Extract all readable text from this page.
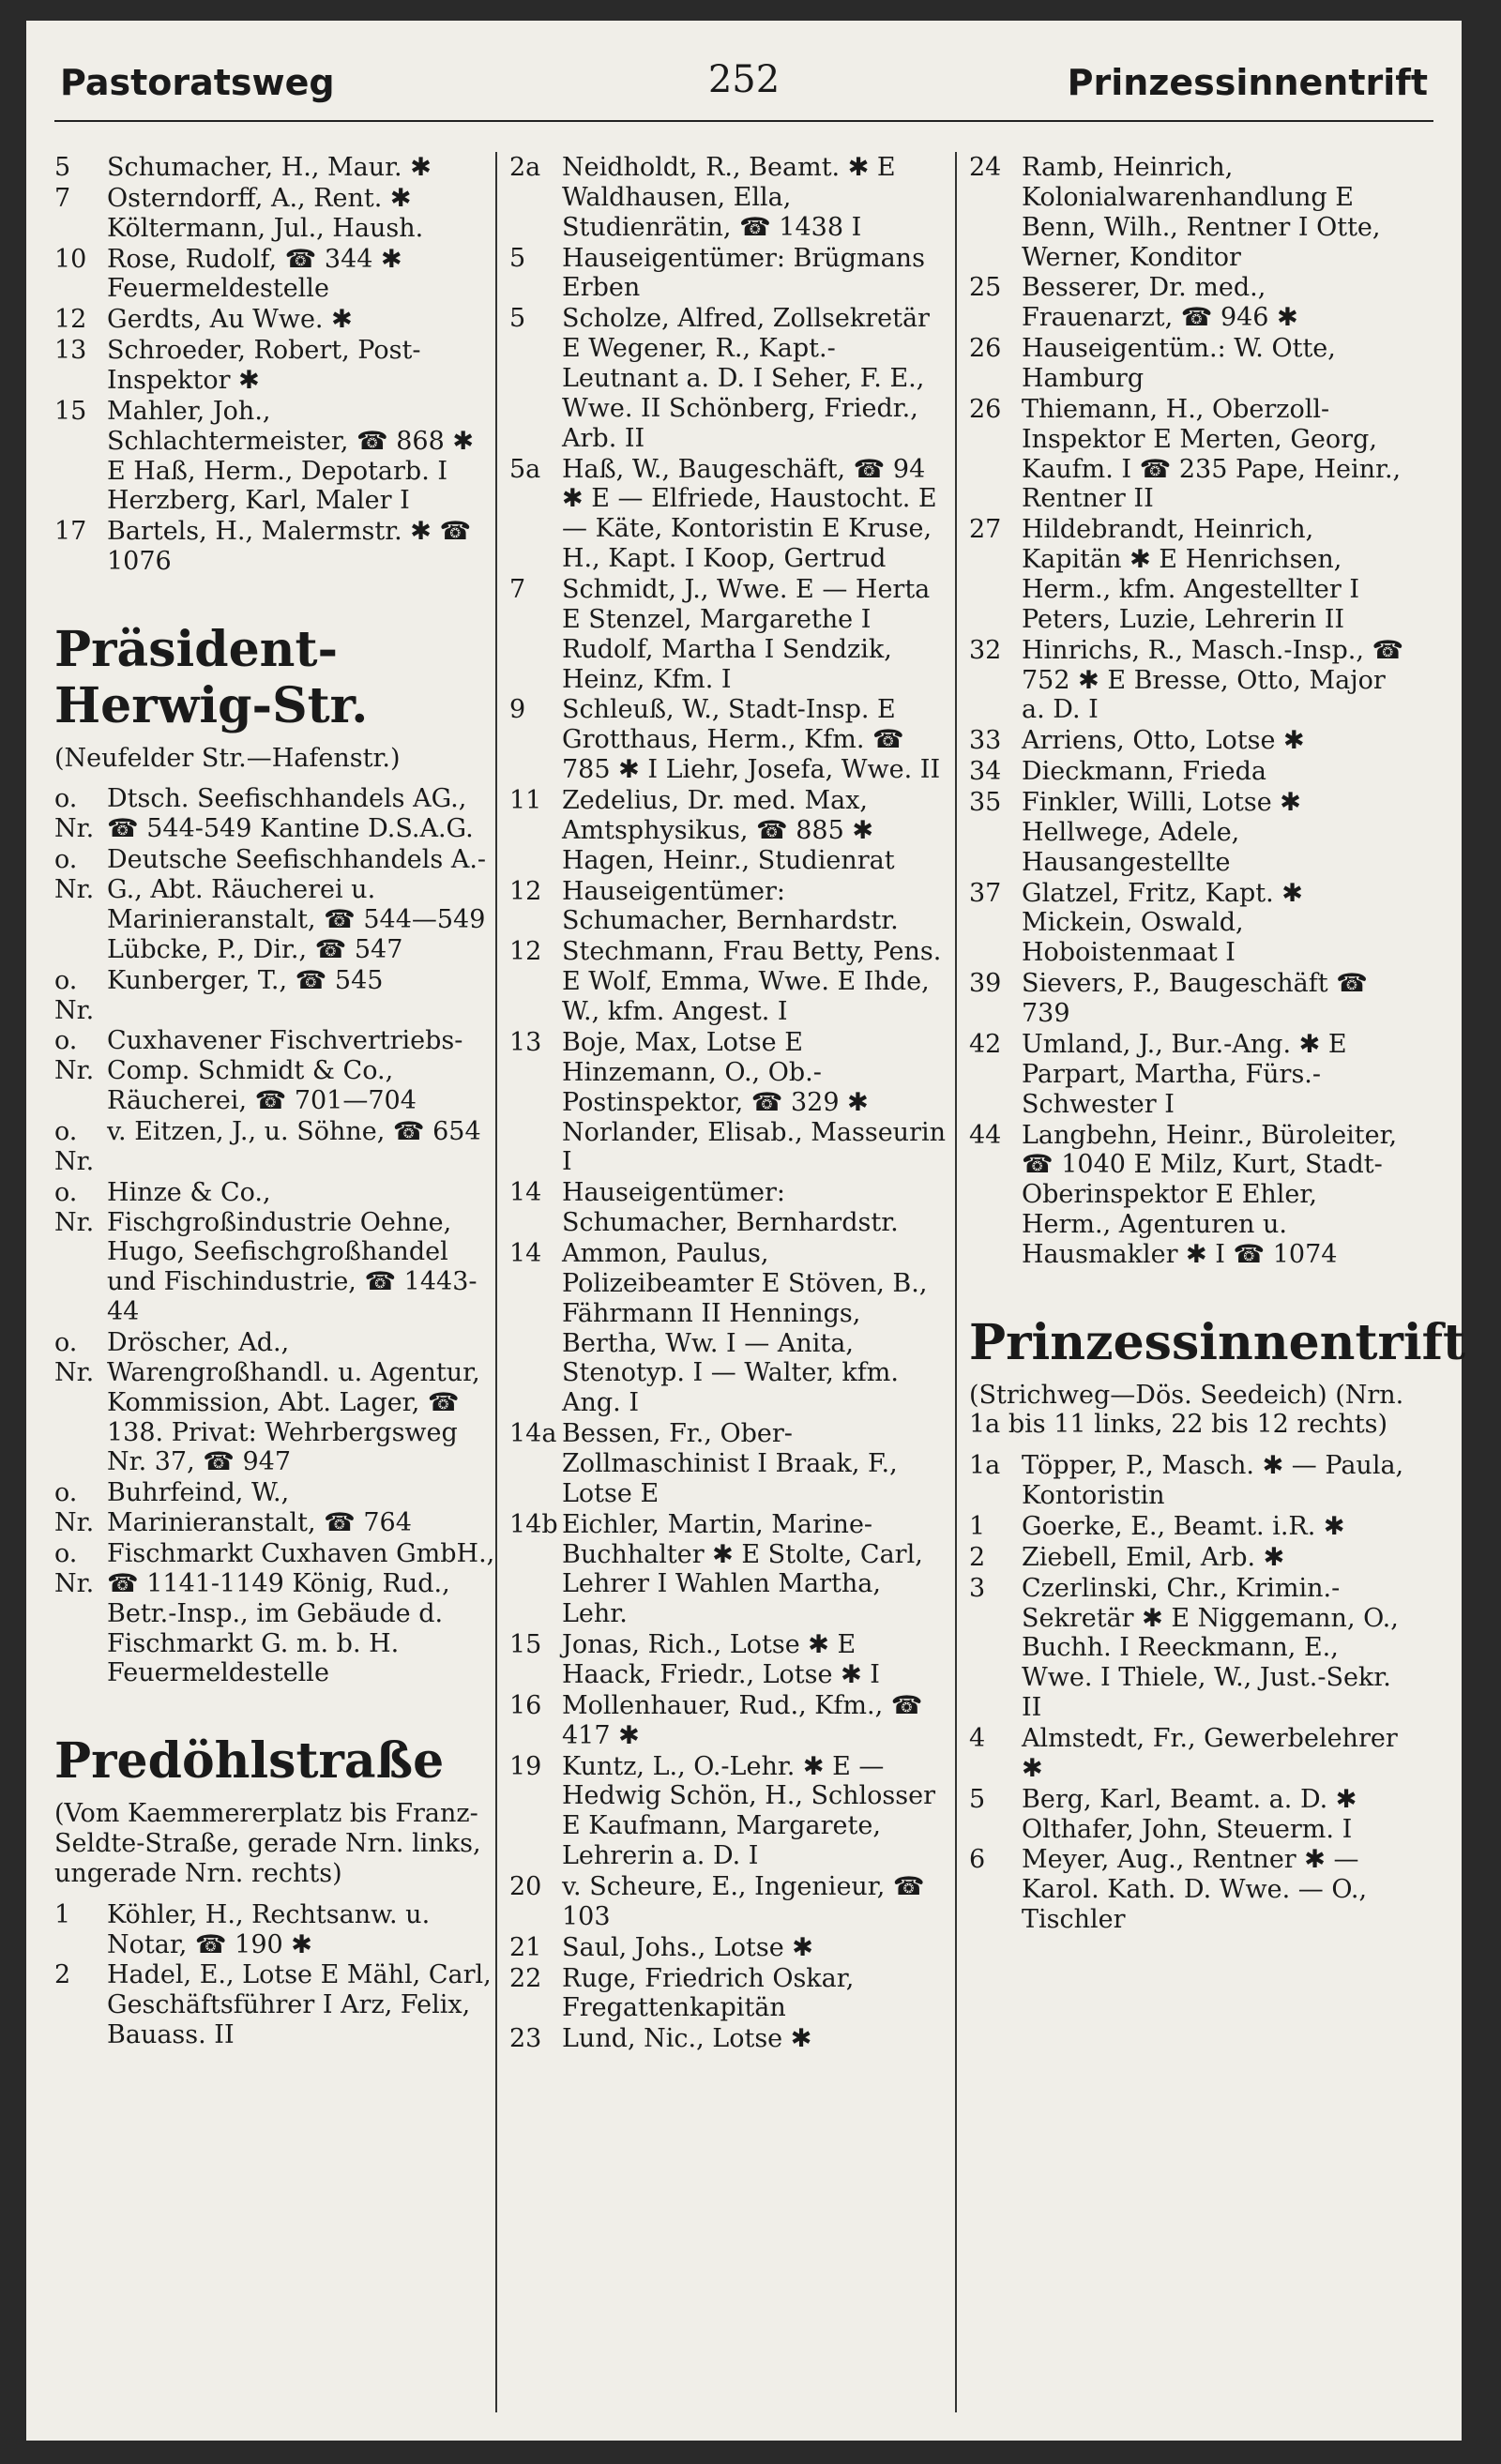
Pastoratsweg	252	Prinzessinnentrift
5	Schumacher, H., Maur. ✱
7	Osterndorff, A., Rent. ✱ Költermann, Jul., Haush.
10 Rose, Rudolf, ☎ 344 ✱ Feuermeldestelle
12 Gerdts, Au Wwe. ✱
13 Schroeder, Robert, Post-Inspektor ✱
15 Mahler, Joh., Schlachtermeister, ☎ 868 ✱ E Haß, Herm., Depotarb. I Herzberg, Karl, Maler I
17 Bartels, H., Malermstr. ✱ ☎ 1076
Präsident-Herwig-Str.
(Neufelder Str.—Hafenstr.)
o. Nr.
Dtsch. Seefischhandels AG., ☎ 544-549 Kantine D.S.A.G.
o. Nr.
Deutsche Seefischhandels A.-G., Abt. Räucherei u. Marinieranstalt, ☎ 544—549 Lübcke, P., Dir., ☎ 547
o. Nr.
Kunberger, T., ☎ 545
o. Nr.
Cuxhavener Fischvertriebs-Comp. Schmidt & Co., Räucherei, ☎ 701—704
o. Nr.
v. Eitzen, J., u. Söhne, ☎ 654
o. Nr.
Hinze & Co., Fischgroßindustrie Oehne, Hugo, Seefischgroßhandel und Fischindustrie, ☎ 1443-44
o. Nr.
Dröscher, Ad., Warengroßhandl. u. Agentur, Kommission, Abt. Lager, ☎ 138. Privat: Wehrbergsweg Nr. 37, ☎ 947
o. Nr.
Buhrfeind, W., Marinieranstalt, ☎ 764
o. Nr.
Fischmarkt Cuxhaven GmbH., ☎ 1141-1149 König, Rud., Betr.-Insp., im Gebäude d. Fischmarkt G. m. b. H. Feuermeldestelle
Predöhlstraße
(Vom Kaemmererplatz bis Franz-Seldte-Straße, gerade Nrn. links, ungerade Nrn. rechts)
1	Köhler, H., Rechtsanw. u. Notar, ☎ 190 ✱
2	Hadel, E., Lotse E Mähl, Carl, Geschäftsführer I Arz, Felix, Bauass. II
2a Neidholdt, R., Beamt. ✱ E Waldhausen, Ella, Studienrätin, ☎ 1438 I
5	Hauseigentümer: Brügmans Erben
5	Scholze, Alfred, Zollsekretär E Wegener, R., Kapt.-Leutnant a. D. I Seher, F. E., Wwe. II Schönberg, Friedr., Arb. II
5a Haß, W., Baugeschäft, ☎ 94 ✱ E — Elfriede, Haustocht. E — Käte, Kontoristin E Kruse, H., Kapt. I Koop, Gertrud
7	Schmidt, J., Wwe. E — Herta E Stenzel, Margarethe I Rudolf, Martha I Sendzik, Heinz, Kfm. I
9	Schleuß, W., Stadt-Insp. E Grotthaus, Herm., Kfm. ☎ 785 ✱ I Liehr, Josefa, Wwe. II
11 Zedelius, Dr. med. Max, Amtsphysikus, ☎ 885 ✱ Hagen, Heinr., Studienrat
12 Hauseigentümer: Schumacher, Bernhardstr.
12 Stechmann, Frau Betty, Pens. E Wolf, Emma, Wwe. E Ihde, W., kfm. Angest. I
13 Boje, Max, Lotse E Hinzemann, O., Ob.-Postinspektor, ☎ 329 ✱ Norlander, Elisab., Masseurin I
14 Hauseigentümer: Schumacher, Bernhardstr.
14 Ammon, Paulus, Polizeibeamter E Stöven, B., Fährmann II Hennings, Bertha, Ww. I — Anita, Stenotyp. I — Walter, kfm. Ang. I
14a Bessen, Fr., Ober-Zollmaschinist I Braak, F., Lotse E
14b Eichler, Martin, Marine-Buchhalter ✱ E Stolte, Carl, Lehrer I Wahlen Martha, Lehr.
15 Jonas, Rich., Lotse ✱ E Haack, Friedr., Lotse ✱ I
16 Mollenhauer, Rud., Kfm., ☎ 417 ✱
19 Kuntz, L., O.-Lehr. ✱ E — Hedwig Schön, H., Schlosser E Kaufmann, Margarete, Lehrerin a. D. I
20 v. Scheure, E., Ingenieur, ☎ 103
21 Saul, Johs., Lotse ✱
22 Ruge, Friedrich Oskar, Fregattenkapitän
23 Lund, Nic., Lotse ✱
24 Ramb, Heinrich, Kolonialwarenhandlung E Benn, Wilh., Rentner I Otte, Werner, Konditor
25 Besserer, Dr. med., Frauenarzt, ☎ 946 ✱
26 Hauseigentüm.: W. Otte, Hamburg
26 Thiemann, H., Oberzoll-Inspektor E Merten, Georg, Kaufm. I ☎ 235 Pape, Heinr., Rentner II
27 Hildebrandt, Heinrich, Kapitän ✱ E Henrichsen, Herm., kfm. Angestellter I Peters, Luzie, Lehrerin II
32 Hinrichs, R., Masch.-Insp., ☎ 752 ✱ E Bresse, Otto, Major a. D. I
33 Arriens, Otto, Lotse ✱
34 Dieckmann, Frieda
35 Finkler, Willi, Lotse ✱ Hellwege, Adele, Hausangestellte
37 Glatzel, Fritz, Kapt. ✱ Mickein, Oswald, Hoboistenmaat I
39 Sievers, P., Baugeschäft ☎ 739
42 Umland, J., Bur.-Ang. ✱ E Parpart, Martha, Fürs.-Schwester I
44 Langbehn, Heinr., Büroleiter, ☎ 1040 E Milz, Kurt, Stadt-Oberinspektor E Ehler, Herm., Agenturen u. Hausmakler ✱ I ☎ 1074
Prinzessinnentrift
(Strichweg—Dös. Seedeich) (Nrn. 1a bis 11 links, 22 bis 12 rechts)
1a Töpper, P., Masch. ✱ — Paula, Kontoristin
1	Goerke, E., Beamt. i.R. ✱
2	Ziebell, Emil, Arb. ✱
3	Czerlinski, Chr., Krimin.-Sekretär ✱ E Niggemann, O., Buchh. I Reeckmann, E., Wwe. I Thiele, W., Just.-Sekr. II
4	Almstedt, Fr., Gewerbelehrer ✱
5	Berg, Karl, Beamt. a. D. ✱ Olthafer, John, Steuerm. I
6	Meyer, Aug., Rentner ✱ — Karol. Kath. D. Wwe. — O., Tischler
